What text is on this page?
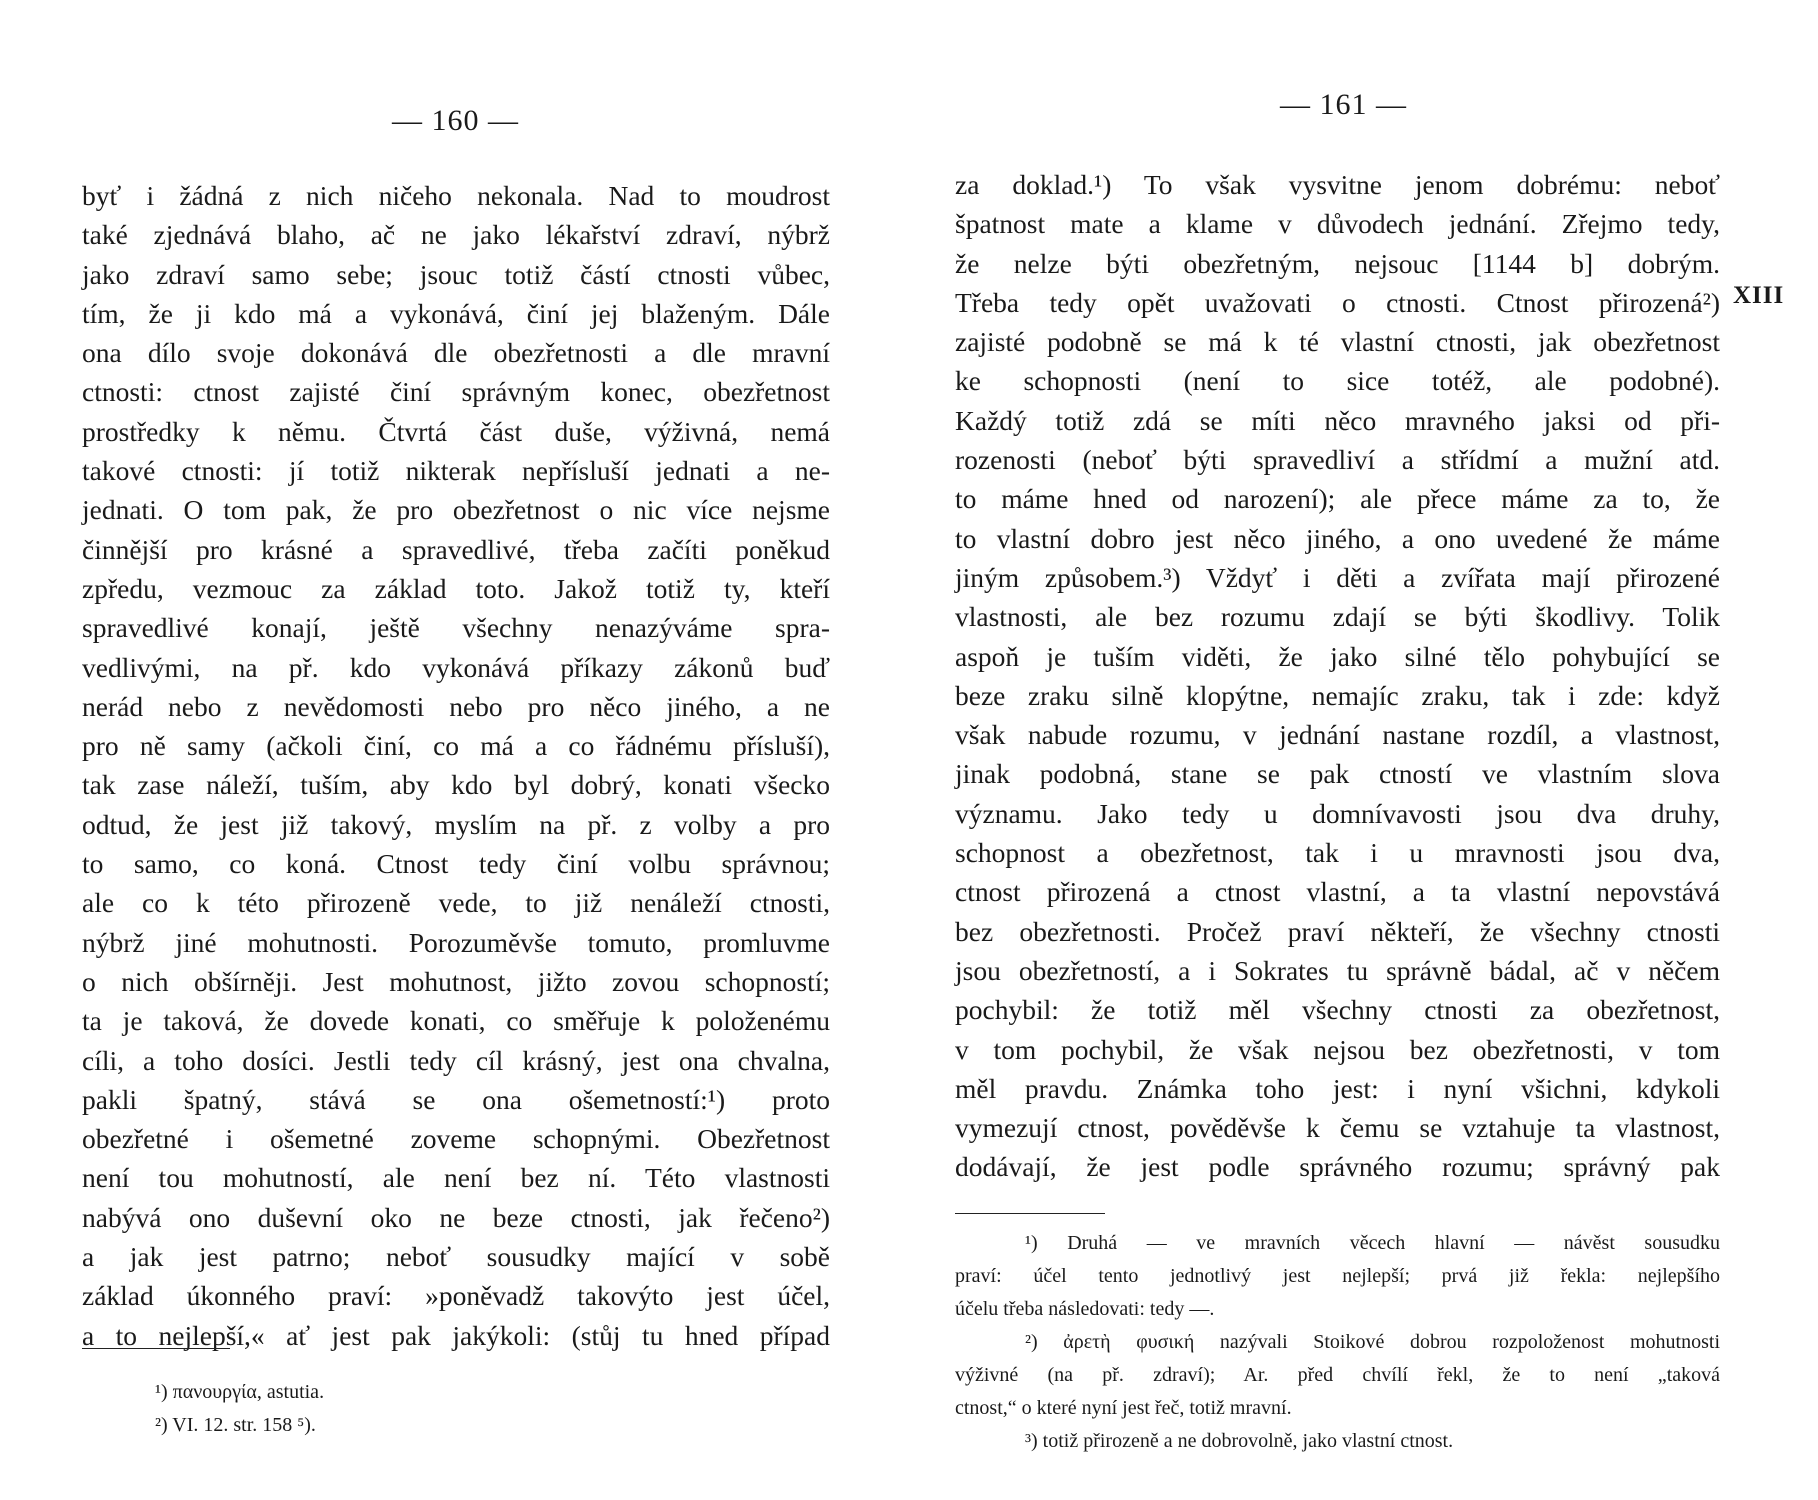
— 160 —
byť i žádná z nich ničeho nekonala. Nad to moudrost
také zjednává blaho, ač ne jako lékařství zdraví, nýbrž
jako zdraví samo sebe; jsouc totiž částí ctnosti vůbec,
tím, že ji kdo má a vykonává, činí jej blaženým. Dále
ona dílo svoje dokonává dle obezřetnosti a dle mravní
ctnosti: ctnost zajisté činí správným konec, obezřetnost
prostředky k němu. Čtvrtá část duše, výživná, nemá
takové ctnosti: jí totiž nikterak nepřísluší jednati a ne-
jednati. O tom pak, že pro obezřetnost o nic více nejsme
činnější pro krásné a spravedlivé, třeba začíti poněkud
zpředu, vezmouc za základ toto. Jakož totiž ty, kteří
spravedlivé konají, ještě všechny nenazýváme spra-
vedlivými, na př. kdo vykonává příkazy zákonů buď
nerád nebo z nevědomosti nebo pro něco jiného, a ne
pro ně samy (ačkoli činí, co má a co řádnému přísluší),
tak zase náleží, tuším, aby kdo byl dobrý, konati všecko
odtud, že jest již takový, myslím na př. z volby a pro
to samo, co koná. Ctnost tedy činí volbu správnou;
ale co k této přirozeně vede, to již nenáleží ctnosti,
nýbrž jiné mohutnosti. Porozuměvše tomuto, promluvme
o nich obšírněji. Jest mohutnost, jižto zovou schopností;
ta je taková, že dovede konati, co směřuje k položenému
cíli, a toho dosíci. Jestli tedy cíl krásný, jest ona chvalna,
pakli špatný, stává se ona ošemetností:¹) proto
obezřetné i ošemetné zoveme schopnými. Obezřetnost
není tou mohutností, ale není bez ní. Této vlastnosti
nabývá ono duševní oko ne beze ctnosti, jak řečeno²)
a jak jest patrno; neboť sousudky mající v sobě
základ úkonného praví: »poněvadž takovýto jest účel,
a to nejlepší,« ať jest pak jakýkoli: (stůj tu hned případ
¹) πανουργία, astutia.
²) VI. 12. str. 158 ⁵).
— 161 —
XIII
za doklad.¹) To však vysvitne jenom dobrému: neboť
špatnost mate a klame v důvodech jednání. Zřejmo tedy,
že nelze býti obezřetným, nejsouc [1144 b] dobrým.
Třeba tedy opět uvažovati o ctnosti. Ctnost přirozená²)
zajisté podobně se má k té vlastní ctnosti, jak obezřetnost
ke schopnosti (není to sice totéž, ale podobné).
Každý totiž zdá se míti něco mravného jaksi od při-
rozenosti (neboť býti spravedliví a střídmí a mužní atd.
to máme hned od narození); ale přece máme za to, že
to vlastní dobro jest něco jiného, a ono uvedené že máme
jiným způsobem.³) Vždyť i děti a zvířata mají přirozené
vlastnosti, ale bez rozumu zdají se býti škodlivy. Tolik
aspoň je tuším viděti, že jako silné tělo pohybující se
beze zraku silně klopýtne, nemajíc zraku, tak i zde: když
však nabude rozumu, v jednání nastane rozdíl, a vlastnost,
jinak podobná, stane se pak ctností ve vlastním slova
významu. Jako tedy u domnívavosti jsou dva druhy,
schopnost a obezřetnost, tak i u mravnosti jsou dva,
ctnost přirozená a ctnost vlastní, a ta vlastní nepovstává
bez obezřetnosti. Pročež praví někteří, že všechny ctnosti
jsou obezřetností, a i Sokrates tu správně bádal, ač v něčem
pochybil: že totiž měl všechny ctnosti za obezřetnost,
v tom pochybil, že však nejsou bez obezřetnosti, v tom
měl pravdu. Známka toho jest: i nyní všichni, kdykoli
vymezují ctnost, pověděvše k čemu se vztahuje ta vlastnost,
dodávají, že jest podle správného rozumu; správný pak
¹) Druhá — ve mravních věcech hlavní — návěst sousudku
praví: účel tento jednotlivý jest nejlepší; prvá již řekla: nejlepšího
účelu třeba následovati: tedy —.
²) ἀρετὴ φυσική nazývali Stoikové dobrou rozpoloženost mohutnosti
výživné (na př. zdraví); Ar. před chvílí řekl, že to není „taková
ctnost,“ o které nyní jest řeč, totiž mravní.
³) totiž přirozeně a ne dobrovolně, jako vlastní ctnost.
